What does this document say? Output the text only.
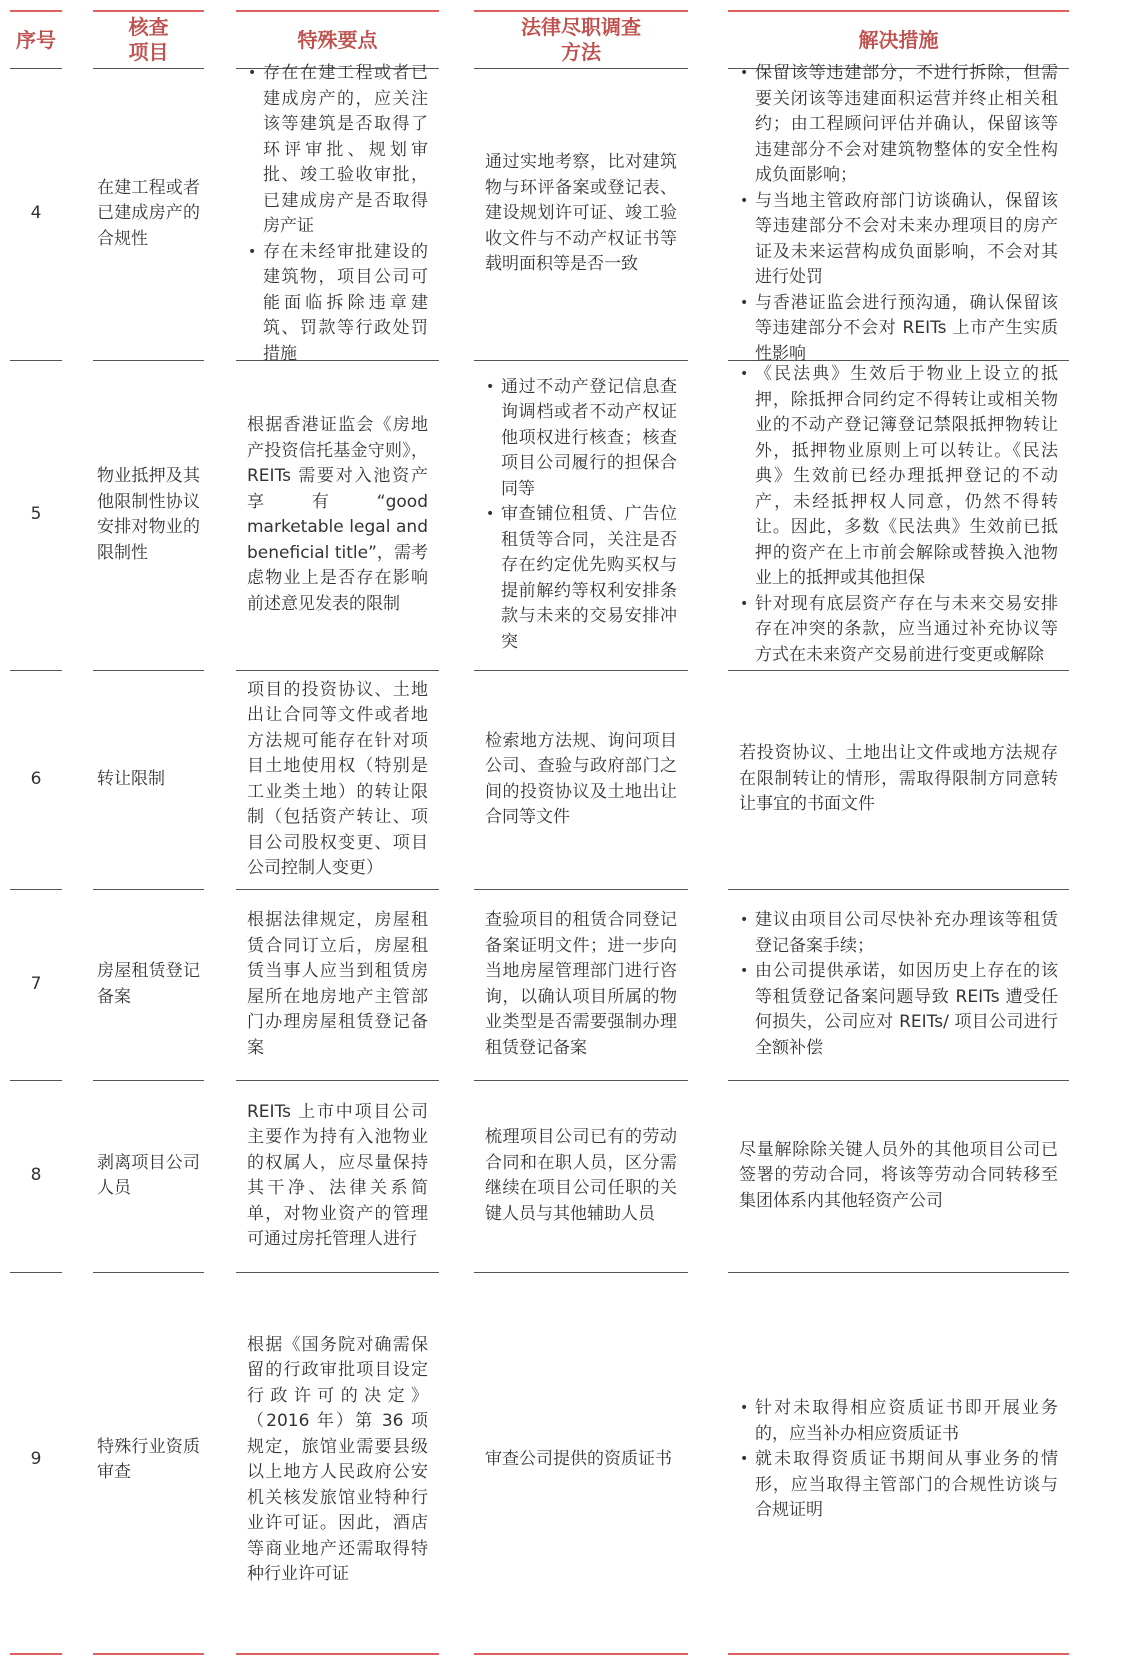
序号
核查
项目
特殊要点
法律尽职调查
方法
解决措施
4
在建工程或者已建成房产的合规性
• 存在在建工程或者已建成房产的，应关注该等建筑是否取得了环评审批、规划审批、竣工验收审批，已建成房产是否取得房产证
• 存在未经审批建设的建筑物，项目公司可能面临拆除违章建筑、罚款等行政处罚措施
通过实地考察，比对建筑物与环评备案或登记表、建设规划许可证、竣工验收文件与不动产权证书等载明面积等是否一致
• 保留该等违建部分，不进行拆除，但需要关闭该等违建面积运营并终止相关租约；由工程顾问评估并确认，保留该等违建部分不会对建筑物整体的安全性构成负面影响；
• 与当地主管政府部门访谈确认，保留该等违建部分不会对未来办理项目的房产证及未来运营构成负面影响，不会对其进行处罚
• 与香港证监会进行预沟通，确认保留该等违建部分不会对 REITs 上市产生实质性影响
5
物业抵押及其他限制性协议安排对物业的限制性
根据香港证监会《房地产投资信托基金守则》，REITs 需要对入池资产享有“good marketable legal and beneficial title”，需考虑物业上是否存在影响前述意见发表的限制
• 通过不动产登记信息查询调档或者不动产权证他项权进行核查；核查项目公司履行的担保合同等
• 审查铺位租赁、广告位租赁等合同，关注是否存在约定优先购买权与提前解约等权利安排条款与未来的交易安排冲突
• 《民法典》生效后于物业上设立的抵押，除抵押合同约定不得转让或相关物业的不动产登记簿登记禁限抵押物转让外，抵押物业原则上可以转让。《民法典》生效前已经办理抵押登记的不动产，未经抵押权人同意，仍然不得转让。因此，多数《民法典》生效前已抵押的资产在上市前会解除或替换入池物业上的抵押或其他担保
• 针对现有底层资产存在与未来交易安排存在冲突的条款，应当通过补充协议等方式在未来资产交易前进行变更或解除
6	转让限制
项目的投资协议、土地出让合同等文件或者地方法规可能存在针对项目土地使用权（特别是工业类土地）的转让限制（包括资产转让、项目公司股权变更、项目公司控制人变更）
检索地方法规、询问项目公司、查验与政府部门之间的投资协议及土地出让合同等文件
若投资协议、土地出让文件或地方法规存在限制转让的情形，需取得限制方同意转让事宜的书面文件
7
房屋租赁登记备案
根据法律规定，房屋租赁合同订立后，房屋租赁当事人应当到租赁房屋所在地房地产主管部门办理房屋租赁登记备案
查验项目的租赁合同登记备案证明文件；进一步向当地房屋管理部门进行咨询，以确认项目所属的物业类型是否需要强制办理租赁登记备案
• 建议由项目公司尽快补充办理该等租赁登记备案手续；
• 由公司提供承诺，如因历史上存在的该等租赁登记备案问题导致 REITs 遭受任何损失，公司应对 REITs/ 项目公司进行全额补偿
8
剥离项目公司人员
REITs 上市中项目公司主要作为持有入池物业的权属人，应尽量保持其干净、法律关系简单，对物业资产的管理可通过房托管理人进行
梳理项目公司已有的劳动合同和在职人员，区分需继续在项目公司任职的关键人员与其他辅助人员
尽量解除除关键人员外的其他项目公司已签署的劳动合同，将该等劳动合同转移至集团体系内其他轻资产公司
9
特殊行业资质审查
根据《国务院对确需保留的行政审批项目设定行政许可的决定》（2016 年）第 36 项规定，旅馆业需要县级以上地方人民政府公安机关核发旅馆业特种行业许可证。因此，酒店等商业地产还需取得特种行业许可证
审查公司提供的资质证书
• 针对未取得相应资质证书即开展业务的，应当补办相应资质证书
• 就未取得资质证书期间从事业务的情形，应当取得主管部门的合规性访谈与合规证明
